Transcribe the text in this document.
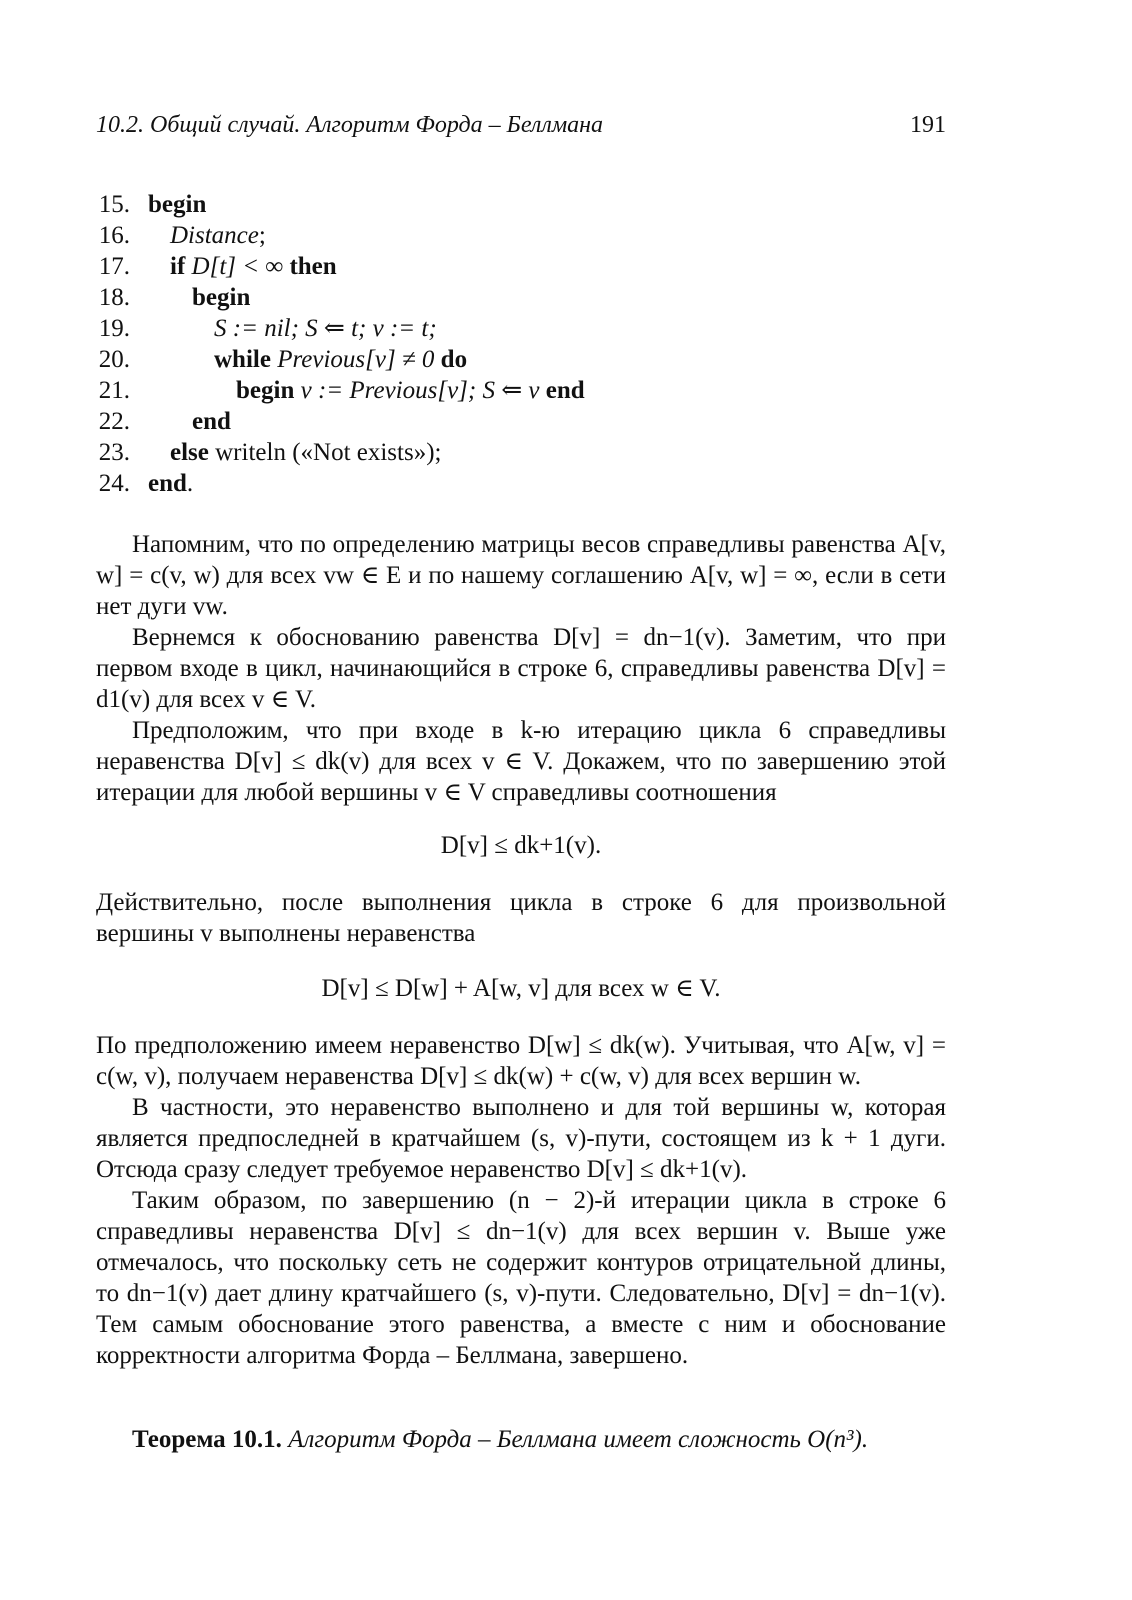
10.2. Общий случай. Алгоритм Форда – Беллмана	191
15. begin
16. Distance;
17. if D[t] < ∞ then
18. begin
19.	S := nil; S ⇐ t; v := t;
20.	while Previous[v] ≠ 0 do
21.	begin v := Previous[v]; S ⇐ v end
22. end
23. else writeln («Not exists»);
24. end.

Напомним, что по определению матрицы весов справедливы равенства A[v, w] = c(v, w) для всех vw ∈ E и по нашему соглашению A[v, w] = ∞, если в сети нет дуги vw.

Вернемся к обоснованию равенства D[v] = dn−1(v). Заметим, что при первом входе в цикл, начинающийся в строке 6, справедливы равенства D[v] = d1(v) для всех v ∈ V.

Предположим, что при входе в k-ю итерацию цикла 6 справедливы неравенства D[v] ≤ dk(v) для всех v ∈ V. Докажем, что по завершению этой итерации для любой вершины v ∈ V справедливы соотношения

D[v] ≤ dk+1(v).

Действительно, после выполнения цикла в строке 6 для произвольной вершины v выполнены неравенства

D[v] ≤ D[w] + A[w, v] для всех w ∈ V.

По предположению имеем неравенство D[w] ≤ dk(w). Учитывая, что A[w, v] = c(w, v), получаем неравенства D[v] ≤ dk(w) + c(w, v) для всех вершин w.

В частности, это неравенство выполнено и для той вершины w, которая является предпоследней в кратчайшем (s, v)-пути, состоящем из k + 1 дуги. Отсюда сразу следует требуемое неравенство D[v] ≤ dk+1(v).

Таким образом, по завершению (n − 2)-й итерации цикла в строке 6 справедливы неравенства D[v] ≤ dn−1(v) для всех вершин v. Выше уже отмечалось, что поскольку сеть не содержит контуров отрицательной длины, то dn−1(v) дает длину кратчайшего (s, v)-пути. Следовательно, D[v] = dn−1(v). Тем самым обоснование этого равенства, а вместе с ним и обоснование корректности алгоритма Форда – Беллмана, завершено.

Теорема 10.1. Алгоритм Форда – Беллмана имеет сложность O(n³).
